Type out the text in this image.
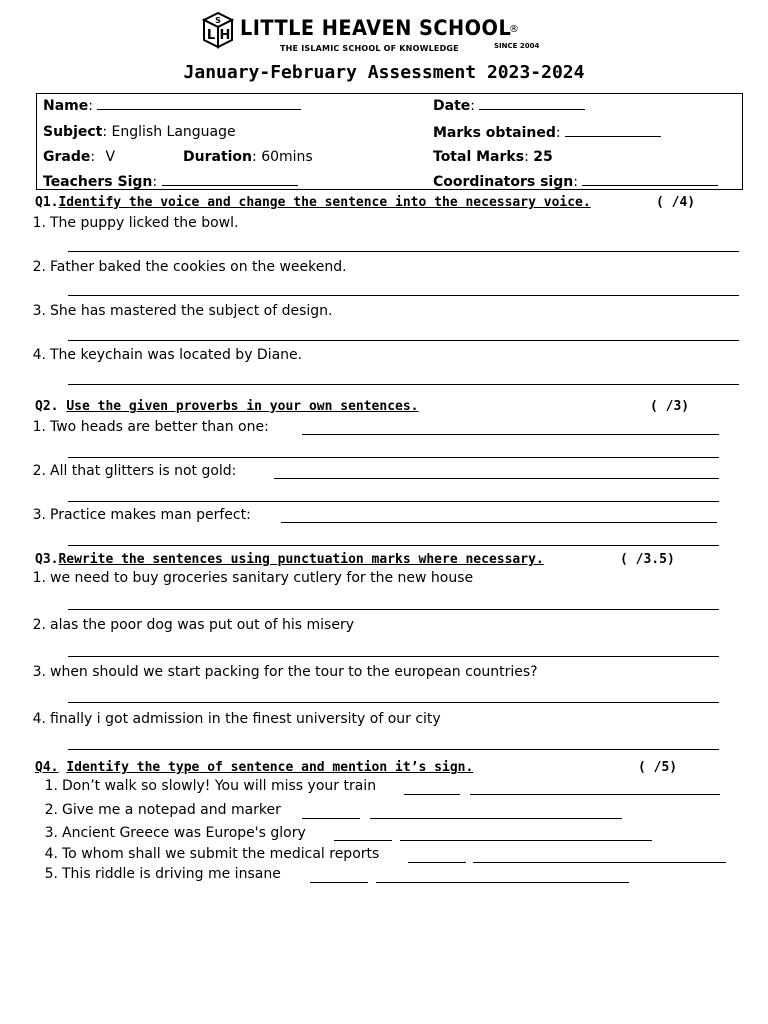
S
L H LITTLE HEAVEN SCHOOL
®
THE ISLAMIC SCHOOL OF KNOWLEDGE	SINCE 2004
January-February Assessment 2023-2024
Name:	Date:
Subject: English Language	Marks obtained:
Grade: V	Duration: 60mins	Total Marks: 25
Teachers Sign:	Coordinators sign:
Q1.Identify the voice and change the sentence into the necessary voice.	( /4)
1. The puppy licked the bowl.
2. Father baked the cookies on the weekend.
3. She has mastered the subject of design.
4. The keychain was located by Diane.
Q2. Use the given proverbs in your own sentences.	( /3)
1. Two heads are better than one:
2. All that glitters is not gold:
3. Practice makes man perfect:
Q3.Rewrite the sentences using punctuation marks where necessary.	( /3.5)
1. we need to buy groceries sanitary cutlery for the new house
2. alas the poor dog was put out of his misery
3. when should we start packing for the tour to the european countries?
4. finally i got admission in the finest university of our city
Q4. Identify the type of sentence and mention it’s sign.	( /5)
1. Don’t walk so slowly! You will miss your train
2. Give me a notepad and marker
3. Ancient Greece was Europe's glory
4. To whom shall we submit the medical reports
5. This riddle is driving me insane
